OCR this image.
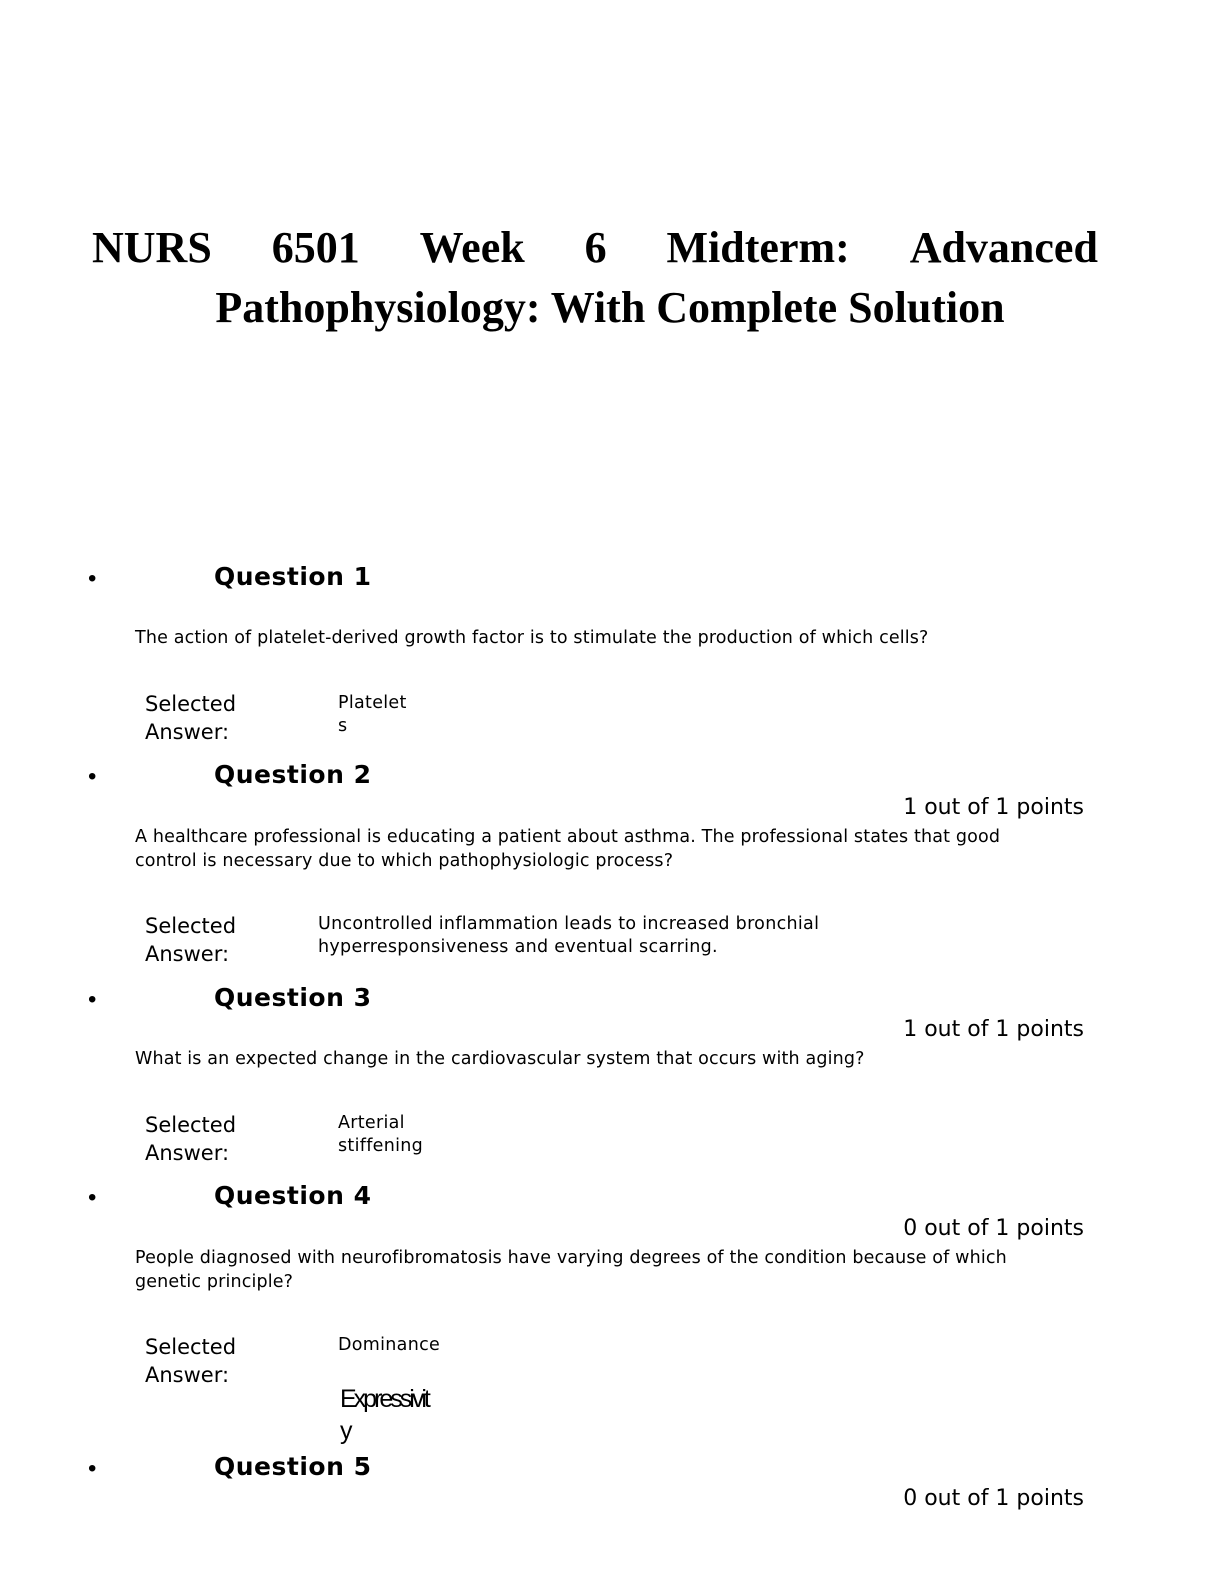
NURS 6501 Week 6 Midterm: Advanced
Pathophysiology: With Complete Solution
•	Question 1
The action of platelet-derived growth factor is to stimulate the production of which cells?
Selected
Answer:
Platelets
•	Question 2
1 out of 1 points
A healthcare professional is educating a patient about asthma. The professional states that good control is necessary due to which pathophysiologic process?
Selected
Answer:
Uncontrolled inflammation leads to increased bronchial hyperresponsiveness and eventual scarring.
•	Question 3
1 out of 1 points
What is an expected change in the cardiovascular system that occurs with aging?
Selected
Answer:
Arterial stiffening
•	Question 4
0 out of 1 points
People diagnosed with neurofibromatosis have varying degrees of the condition because of which genetic principle?
Selected
Answer:
Dominance
Expressivit
y
•	Question 5
0 out of 1 points
